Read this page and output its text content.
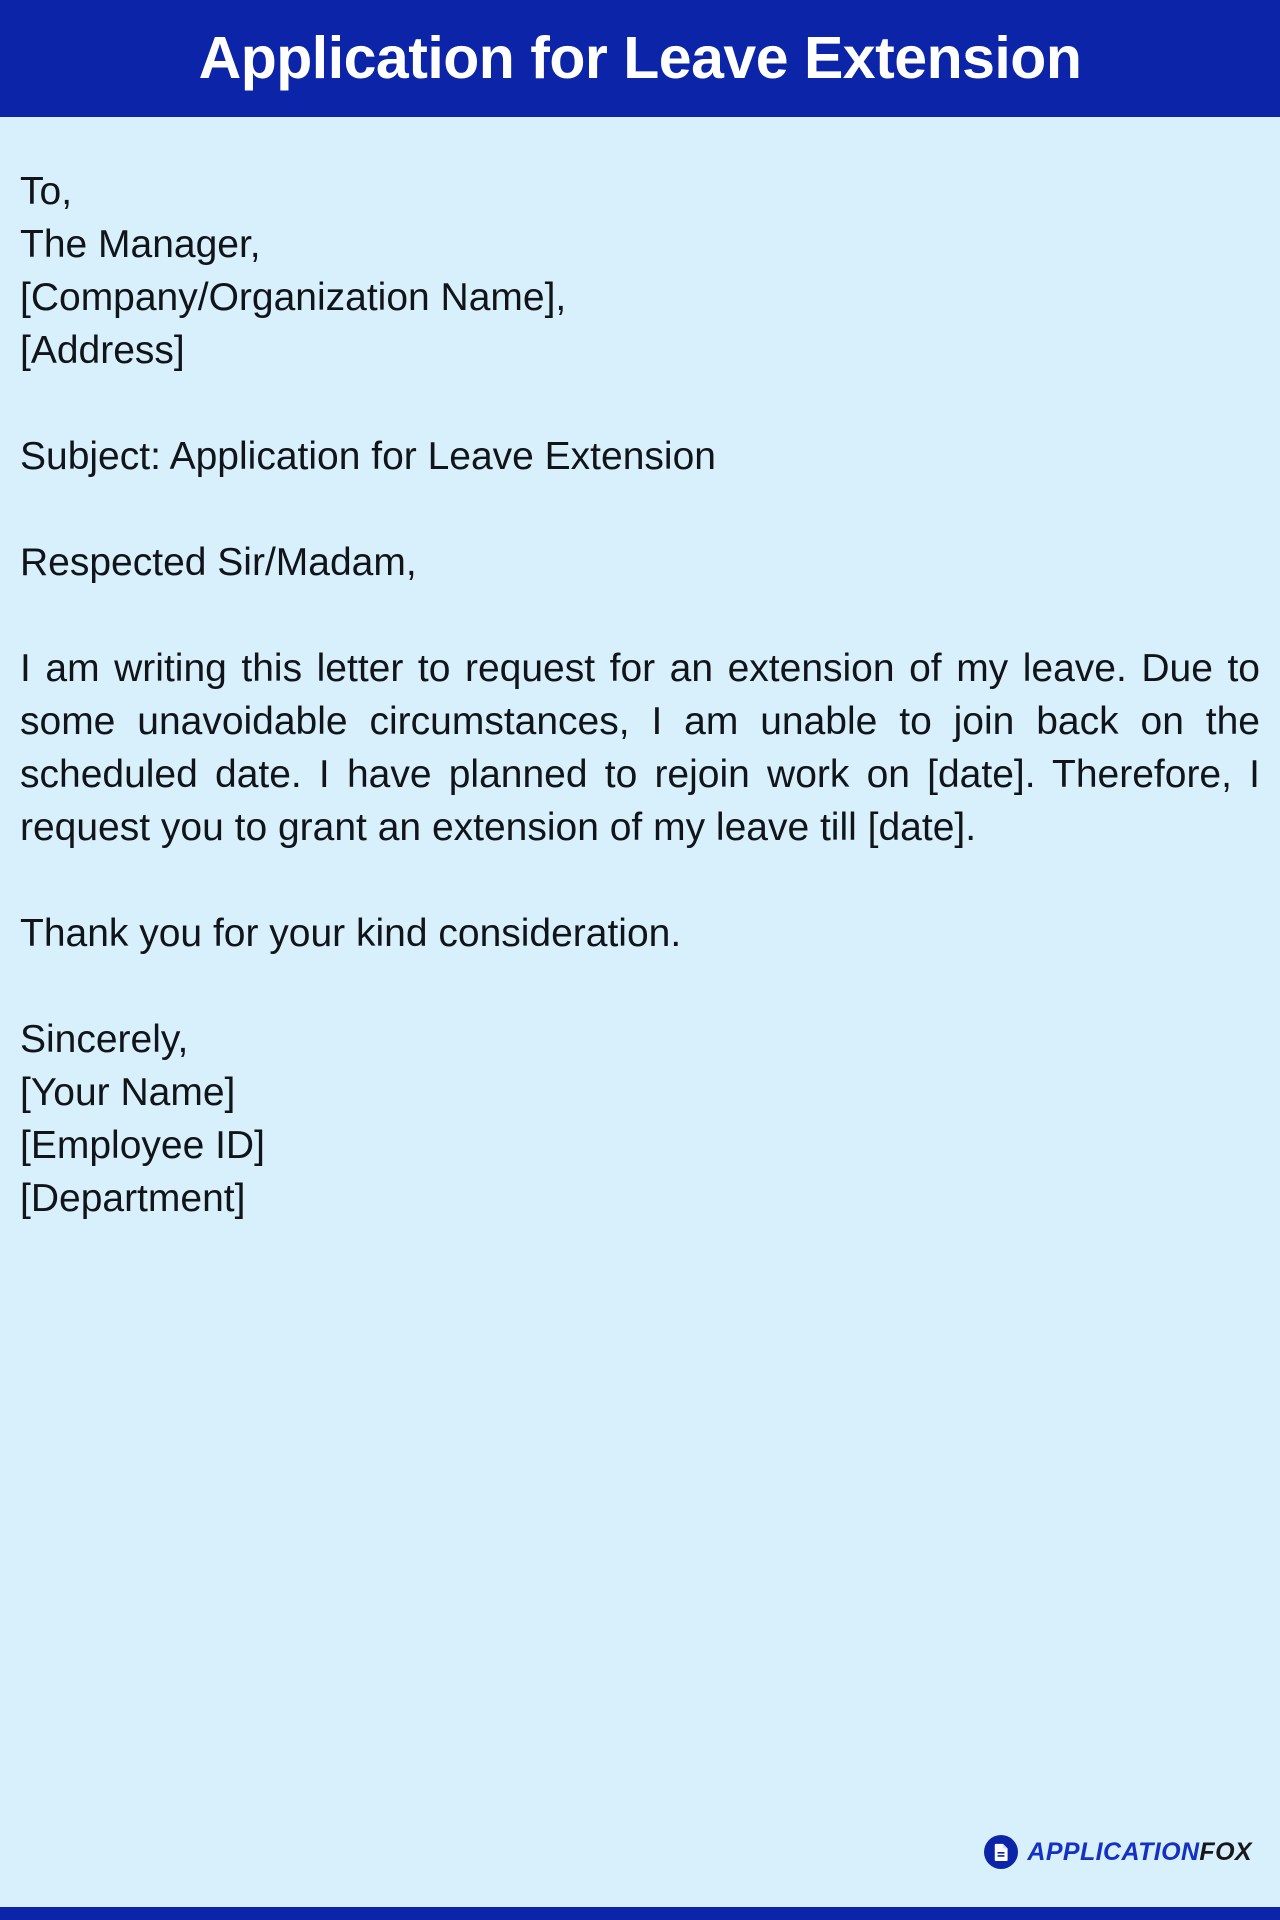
Application for Leave Extension
To,
The Manager,
[Company/Organization Name],
[Address]
Subject: Application for Leave Extension
Respected Sir/Madam,

I am writing this letter to request for an extension of my leave. Due to some unavoidable circumstances, I am unable to join back on the scheduled date. I have planned to rejoin work on [date]. Therefore, I request you to grant an extension of my leave till [date].

Thank you for your kind consideration.
Sincerely,
[Your Name]
[Employee ID]
[Department]
APPLICATIONFOX
